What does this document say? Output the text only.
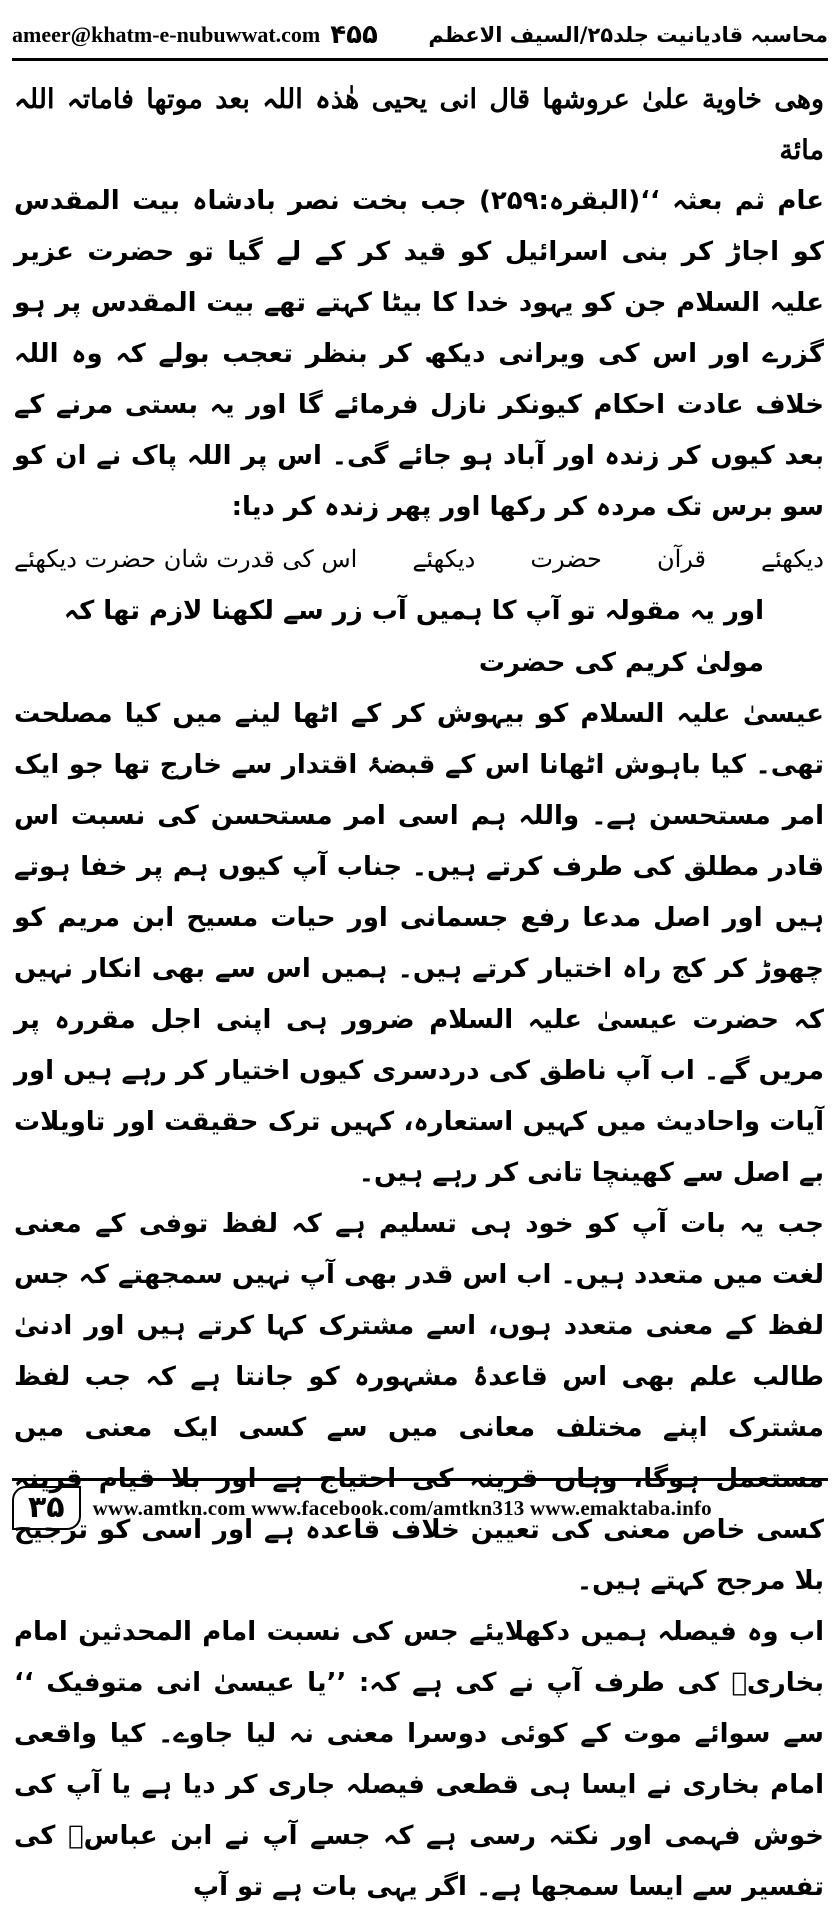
ameer@khatm-e-nubuwwat.com ۴۵۵ محاسبہ قادیانیت جلد۲۵/السیف الاعظم

وھی خاویة علیٰ عروشھا قال انی یحیی ھٰذہ اللہ بعد موتھا فاماتہ اللہ مائة

عام ثم بعثہ ‘‘(البقرہ:۲۵۹) جب بخت نصر بادشاہ بیت المقدس کو اجاڑ کر بنی اسرائیل کو قید کر کے لے گیا تو حضرت عزیر علیہ السلام جن کو یہود خدا کا بیٹا کہتے تھے بیت المقدس پر ہو گزرے اور اس کی ویرانی دیکھ کر بنظر تعجب بولے کہ وہ اللہ خلاف عادت احکام کیونکر نازل فرمائے گا اور یہ بستی مرنے کے بعد کیوں کر زندہ اور آباد ہو جائے گی۔ اس پر اللہ پاک نے ان کو سو برس تک مردہ کر رکھا اور پھر زندہ کر دیا:

دیکھئے
قرآن
حضرت
دیکھئے
اس کی قدرت شان حضرت دیکھئے

اور یہ مقولہ تو آپ کا ہمیں آب زر سے لکھنا لازم تھا کہ مولیٰ کریم کی حضرت

عیسیٰ علیہ السلام کو بیہوش کر کے اٹھا لینے میں کیا مصلحت تھی۔ کیا باہوش اٹھانا اس کے قبضۂ اقتدار سے خارج تھا جو ایک امر مستحسن ہے۔ واللہ ہم اسی امر مستحسن کی نسبت اس قادر مطلق کی طرف کرتے ہیں۔ جناب آپ کیوں ہم پر خفا ہوتے ہیں اور اصل مدعا رفع جسمانی اور حیات مسیح ابن مریم کو چھوڑ کر کج راہ اختیار کرتے ہیں۔ ہمیں اس سے بھی انکار نہیں کہ حضرت عیسیٰ علیہ السلام ضرور ہی اپنی اجل مقررہ پر مریں گے۔ اب آپ ناطق کی دردسری کیوں اختیار کر رہے ہیں اور آیات واحادیث میں کہیں استعارہ، کہیں ترک حقیقت اور تاویلات بے اصل سے کھینچا تانی کر رہے ہیں۔

جب یہ بات آپ کو خود ہی تسلیم ہے کہ لفظ توفی کے معنی لغت میں متعدد ہیں۔ اب اس قدر بھی آپ نہیں سمجھتے کہ جس لفظ کے معنی متعدد ہوں، اسے مشترک کہا کرتے ہیں اور ادنیٰ طالب علم بھی اس قاعدۂ مشہورہ کو جانتا ہے کہ جب لفظ مشترک اپنے مختلف معانی میں سے کسی ایک معنی میں مستعمل ہوگا، وہاں قرینہ کی احتیاج ہے اور بلا قیام قرینہ کسی خاص معنی کی تعیین خلاف قاعدہ ہے اور اسی کو ترجیح بلا مرجح کہتے ہیں۔

اب وہ فیصلہ ہمیں دکھلایئے جس کی نسبت امام المحدثین امام بخاریؒ کی طرف آپ نے کی ہے کہ: ’’یا عیسیٰ انی متوفیک ‘‘ سے سوائے موت کے کوئی دوسرا معنی نہ لیا جاوے۔ کیا واقعی امام بخاری نے ایسا ہی قطعی فیصلہ جاری کر دیا ہے یا آپ کی خوش فہمی اور نکتہ رسی ہے کہ جسے آپ نے ابن عباسؓ کی تفسیر سے ایسا سمجھا ہے۔ اگر یہی بات ہے تو آپ

۳۵	www.amtkn.com www.facebook.com/amtkn313 www.emaktaba.info
